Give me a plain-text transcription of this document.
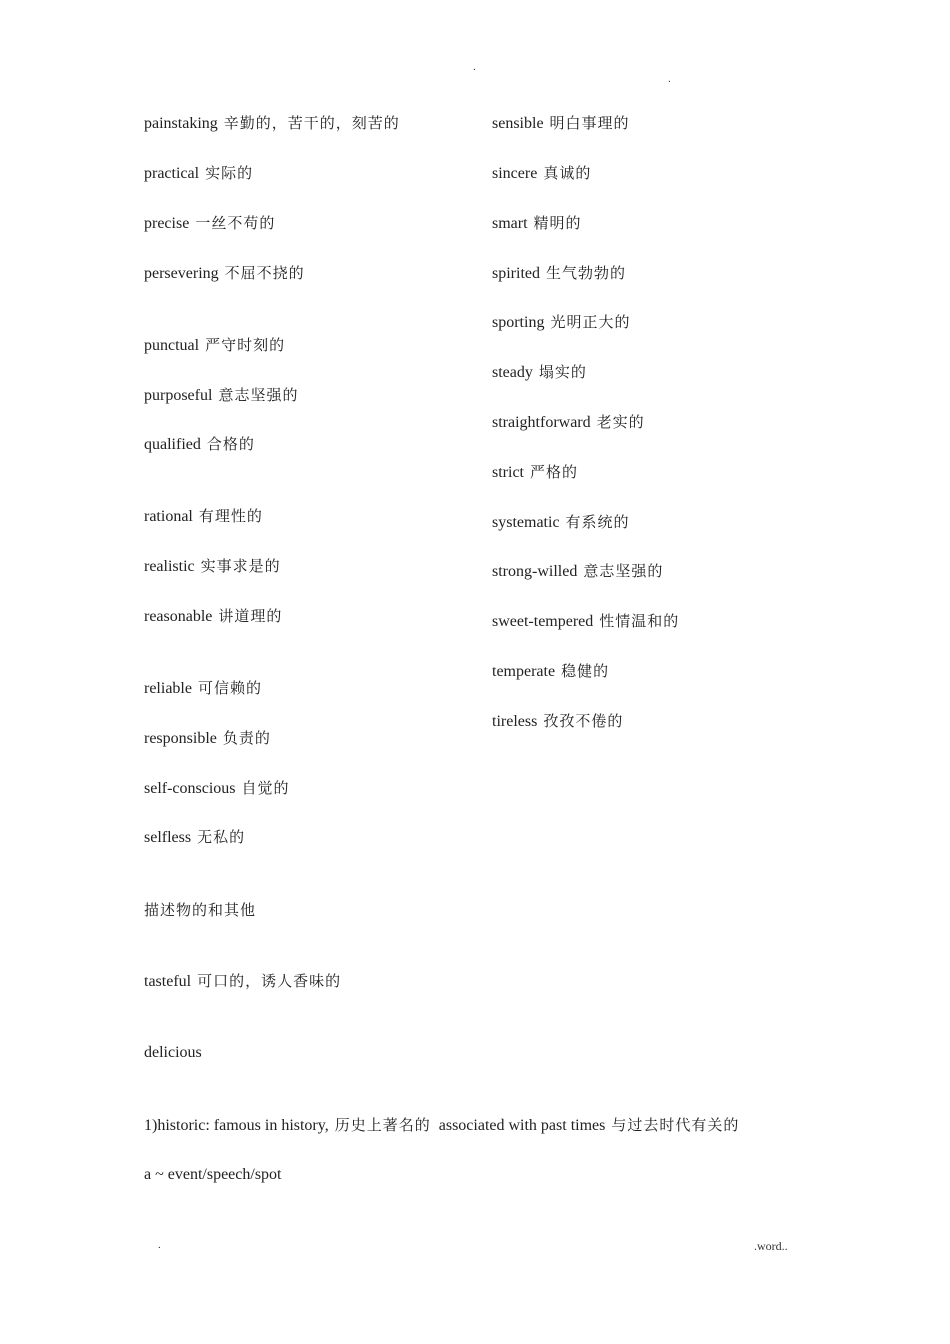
.
.
painstaking 辛勤的，苦干的，刻苦的
practical 实际的
precise 一丝不苟的
persevering 不屈不挠的
punctual 严守时刻的
purposeful 意志坚强的
qualified 合格的
rational 有理性的
realistic 实事求是的
reasonable 讲道理的
reliable 可信赖的
responsible 负责的
self-conscious 自觉的
selfless 无私的
sensible 明白事理的
sincere 真诚的
smart 精明的
spirited 生气勃勃的
sporting 光明正大的
steady 塌实的
straightforward 老实的
strict 严格的
systematic 有系统的
strong-willed 意志坚强的
sweet-tempered 性情温和的
temperate 稳健的
tireless 孜孜不倦的
描述物的和其他
tasteful 可口的，诱人香味的
delicious
1)historic: famous in history, 历史上著名的 associated with past times 与过去时代有关的
a ~ event/speech/spot
.	.word..
